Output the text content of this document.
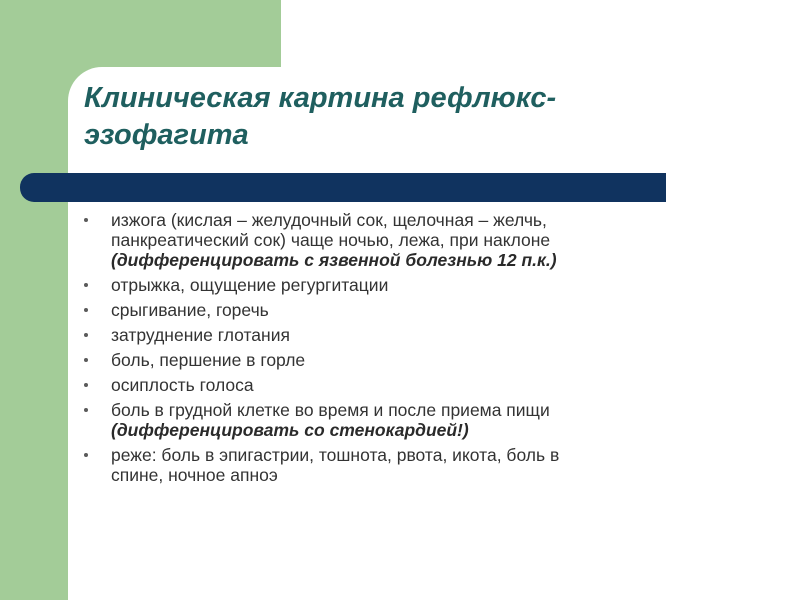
Клиническая картина рефлюкс-
эзофагита
изжога (кислая – желудочный сок, щелочная – желчь,
панкреатический сок) чаще ночью, лежа, при наклоне
(дифференцировать с язвенной болезнью 12 п.к.)
отрыжка, ощущение регургитации
срыгивание, горечь
затруднение глотания
боль, першение в горле
осиплость голоса
боль в грудной клетке во время и после приема пищи
(дифференцировать со стенокардией!)
реже: боль в эпигастрии, тошнота, рвота, икота, боль в
спине, ночное апноэ
